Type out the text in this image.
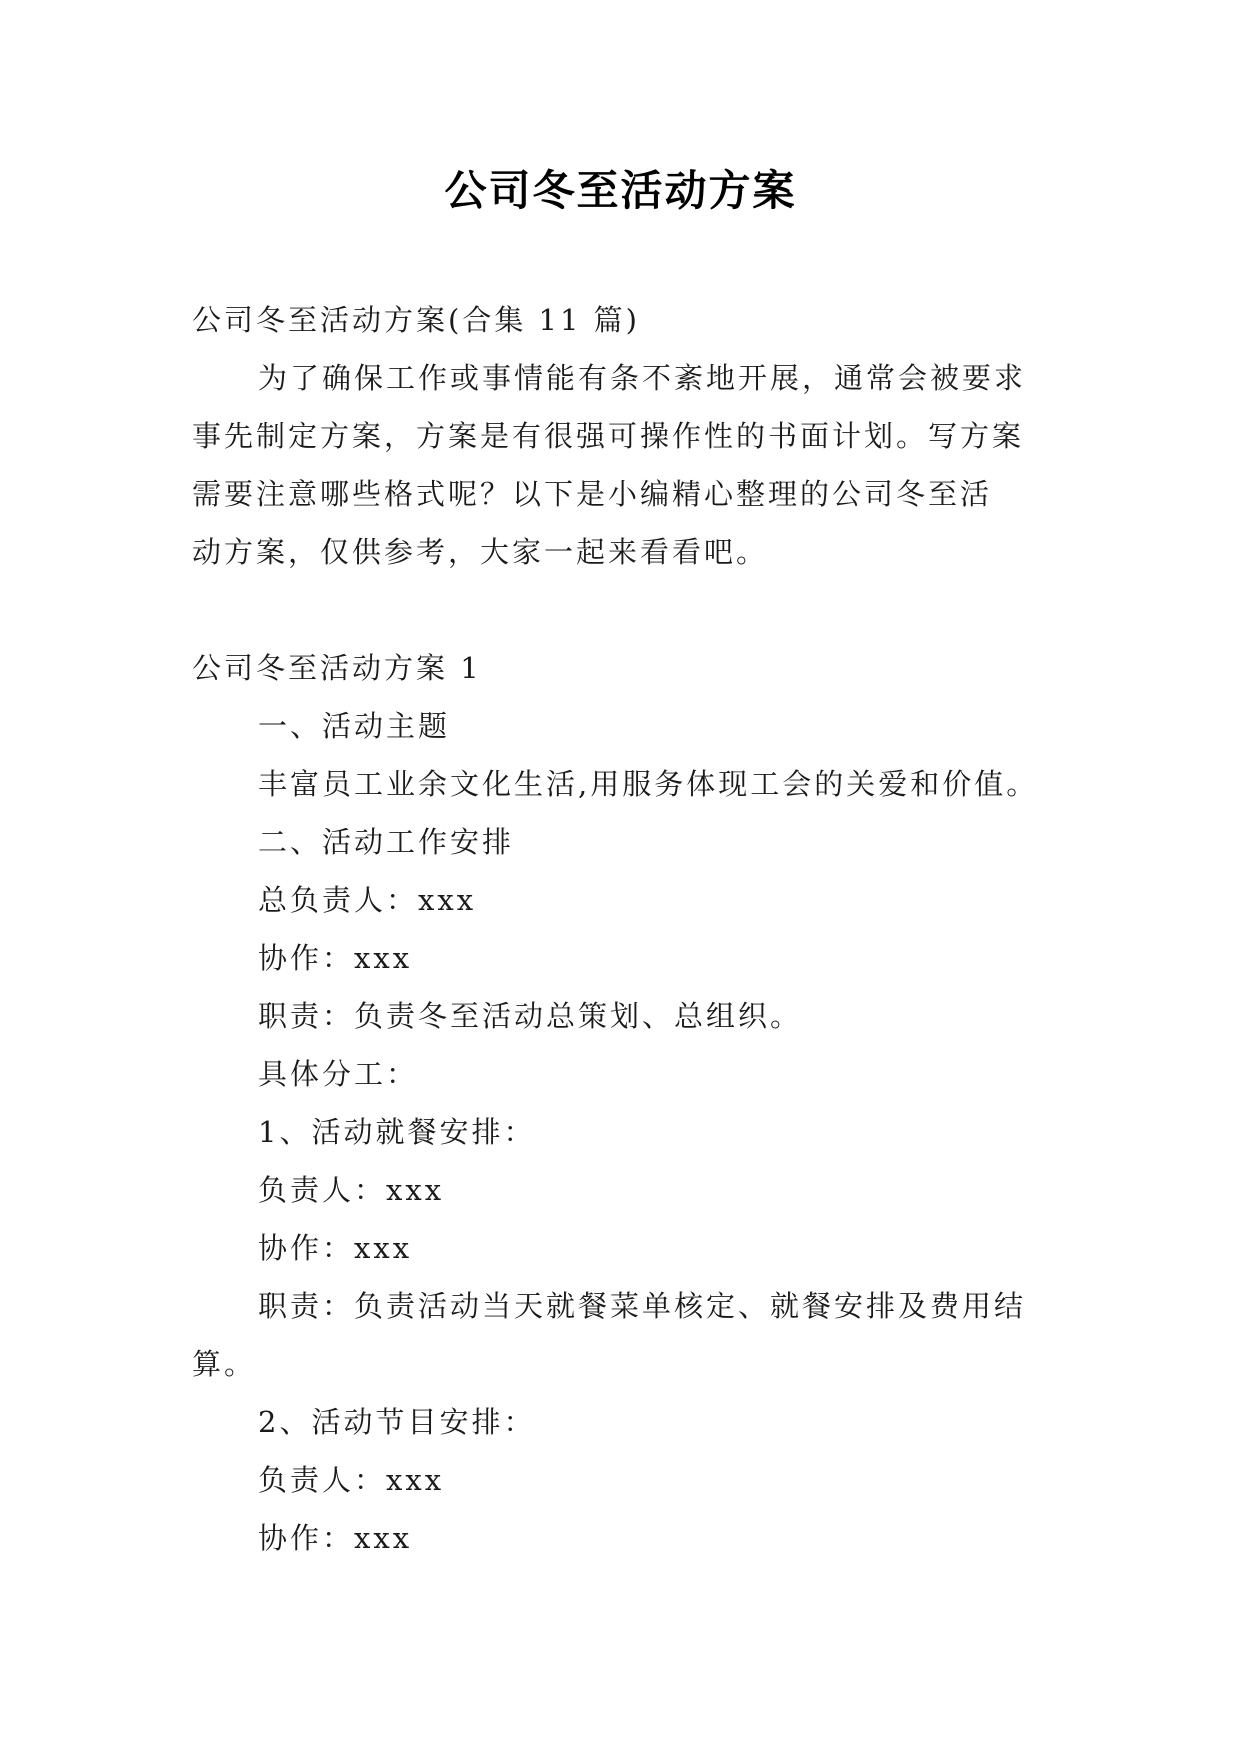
公司冬至活动方案

公司冬至活动方案(合集 11 篇)

为了确保工作或事情能有条不紊地开展，通常会被要求

事先制定方案，方案是有很强可操作性的书面计划。写方案

需要注意哪些格式呢？以下是小编精心整理的公司冬至活

动方案，仅供参考，大家一起来看看吧。

公司冬至活动方案 1

一、活动主题

丰富员工业余文化生活,用服务体现工会的关爱和价值。

二、活动工作安排

总负责人：xxx

协作：xxx

职责：负责冬至活动总策划、总组织。

具体分工：

1、活动就餐安排：

负责人：xxx

协作：xxx

职责：负责活动当天就餐菜单核定、就餐安排及费用结

算。

2、活动节目安排：

负责人：xxx

协作：xxx
